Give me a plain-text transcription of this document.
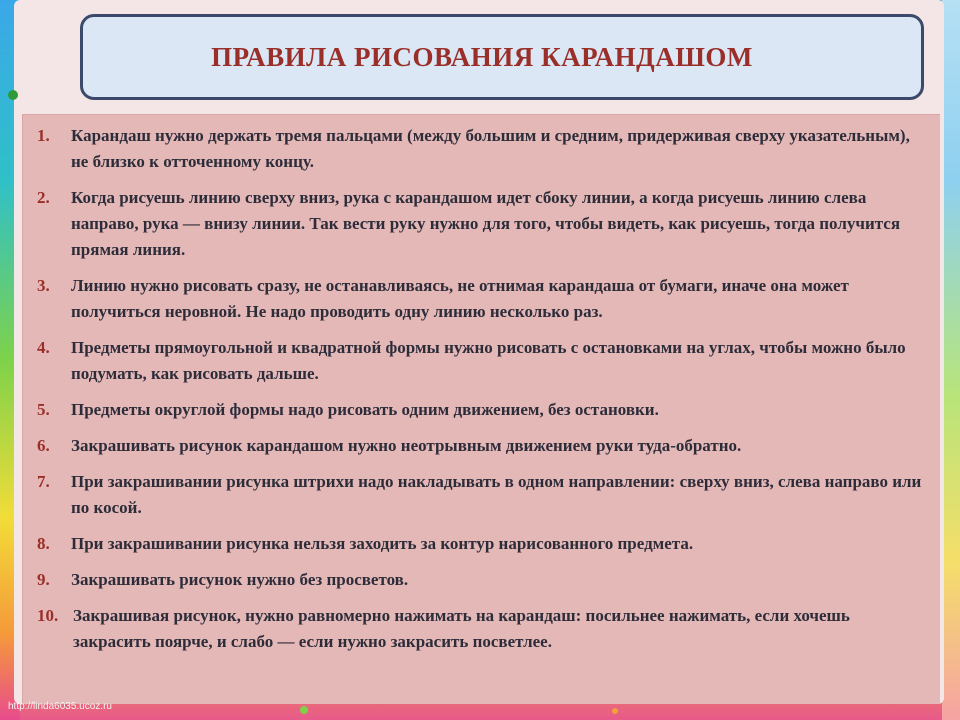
ПРАВИЛА РИСОВАНИЯ КАРАНДАШОМ
1.	Карандаш нужно держать тремя пальцами (между большим и средним, придерживая сверху указательным), не близко к отточенному концу.
2.	Когда рисуешь линию сверху вниз, рука с карандашом идет сбоку линии, а когда рисуешь линию слева направо, рука — внизу линии. Так вести руку нужно для того, чтобы видеть, как рисуешь, тогда получится прямая линия.
3.	Линию нужно рисовать сразу, не останавливаясь, не отнимая карандаша от бумаги, иначе она может получиться неровной. Не надо проводить одну линию несколько раз.
4.	Предметы прямоугольной и квадратной формы нужно рисовать с остановками на углах, чтобы можно было подумать, как рисовать дальше.
5.	Предметы округлой формы надо рисовать одним движением, без остановки.
6.	Закрашивать рисунок карандашом нужно неотрывным движением руки туда-обратно.
7.	При закрашивании рисунка штрихи надо накладывать в одном направлении: сверху вниз, слева направо или по косой.
8.	При закрашивании рисунка нельзя заходить за контур нарисованного предмета.
9.	Закрашивать рисунок нужно без просветов.
10. Закрашивая рисунок, нужно равномерно нажимать на карандаш: посильнее нажимать, если хочешь закрасить поярче, и слабо — если нужно закрасить посветлее.
http://linda6035.ucoz.ru
